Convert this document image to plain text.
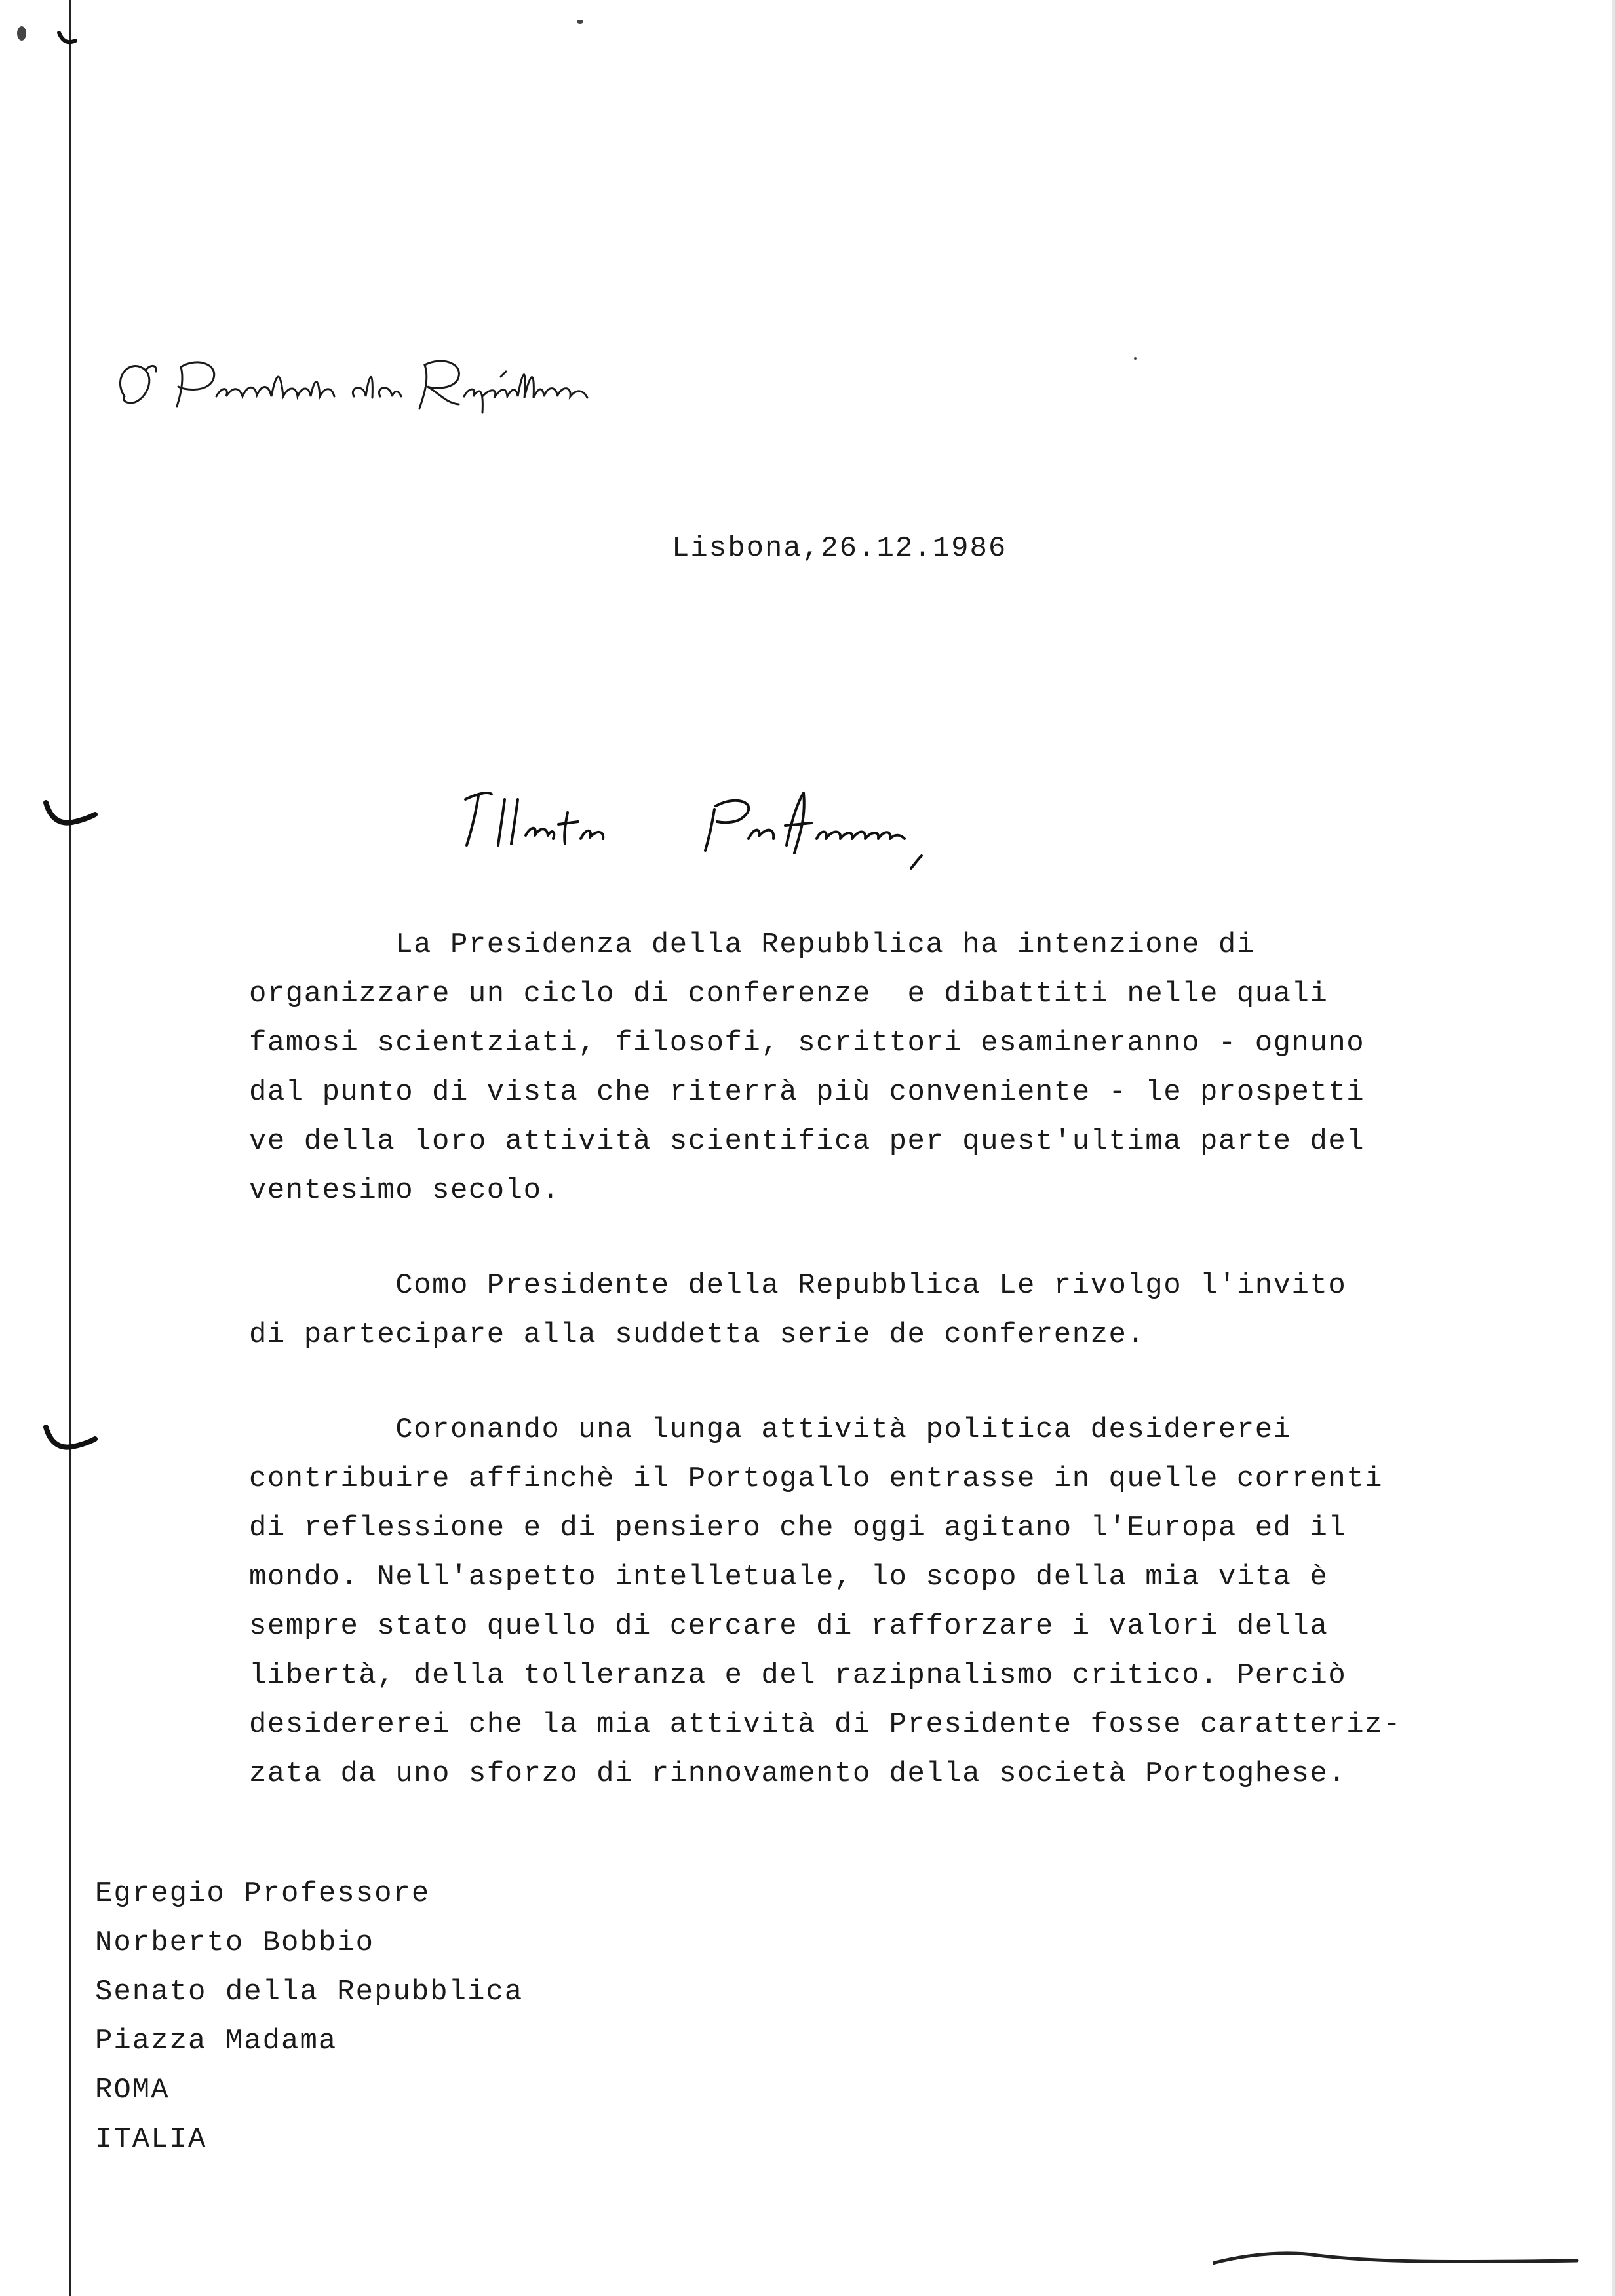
Lisbona,26.12.1986

La Presidenza della Repubblica ha intenzione di
organizzare un ciclo di conferenze  e dibattiti nelle quali
famosi scientziati, filosofi, scrittori esamineranno - ognuno
dal punto di vista che riterrà più conveniente - le prospetti
ve della loro attività scientifica per quest'ultima parte del
ventesimo secolo.

Como Presidente della Repubblica Le rivolgo l'invito
di partecipare alla suddetta serie de conferenze.

Coronando una lunga attività politica desidererei
contribuire affinchè il Portogallo entrasse in quelle correnti
di reflessione e di pensiero che oggi agitano l'Europa ed il
mondo. Nell'aspetto intelletuale, lo scopo della mia vita è
sempre stato quello di cercare di rafforzare i valori della
libertà, della tolleranza e del razipnalismo critico. Perciò
desidererei che la mia attività di Presidente fosse caratteriz-
zata da uno sforzo di rinnovamento della società Portoghese.

Egregio Professore
Norberto Bobbio
Senato della Repubblica
Piazza Madama
ROMA
ITALIA
